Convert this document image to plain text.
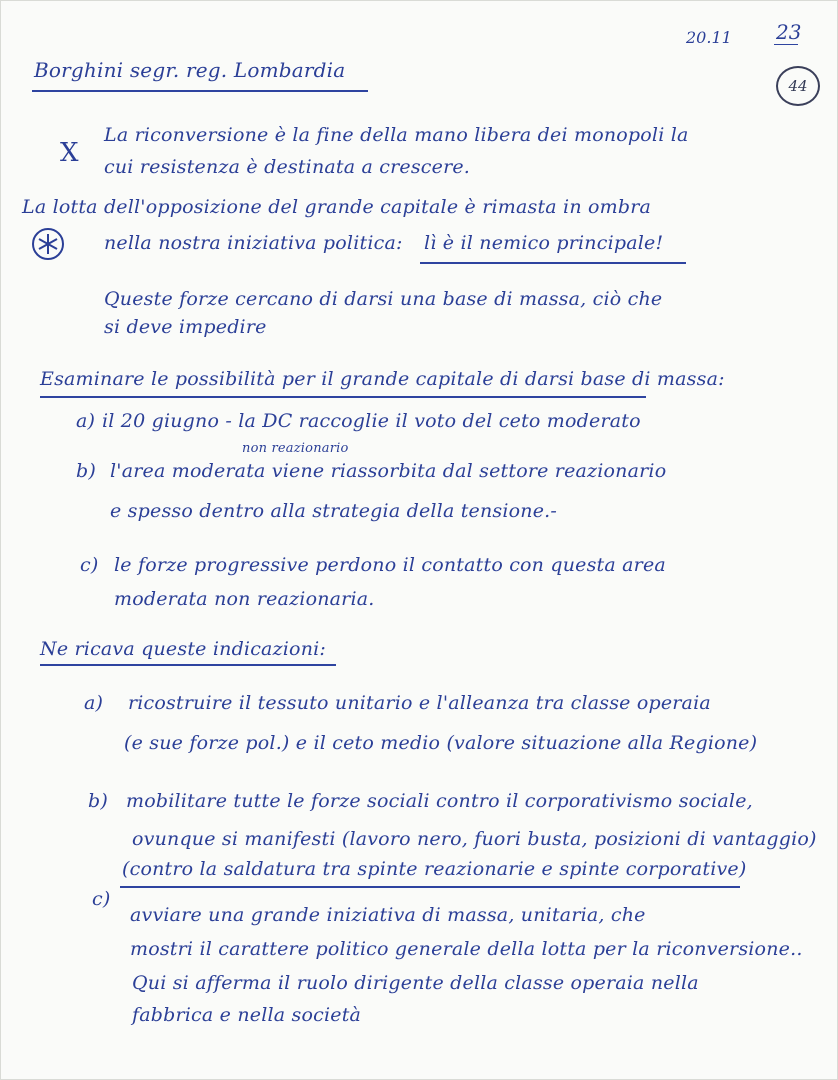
20.11 23
44
Borghini segr. reg. Lombardia
X
La riconversione è la fine della mano libera dei monopoli la
cui resistenza è destinata a crescere.
La lotta dell'opposizione del grande capitale è rimasta in ombra
nella nostra iniziativa politica: lì è il nemico principale!
Queste forze cercano di darsi una base di massa, ciò che
si deve impedire
Esaminare le possibilità per il grande capitale di darsi base di massa:
a) il 20 giugno - la DC raccoglie il voto del ceto moderato
non reazionario
b) l'area moderata viene riassorbita dal settore reazionario
e spesso dentro alla strategia della tensione.-
c) le forze progressive perdono il contatto con questa area
moderata non reazionaria.
Ne ricava queste indicazioni:
a) ricostruire il tessuto unitario e l'alleanza tra classe operaia
(e sue forze pol.) e il ceto medio (valore situazione alla Regione)
b) mobilitare tutte le forze sociali contro il corporativismo sociale,
ovunque si manifesti (lavoro nero, fuori busta, posizioni di vantaggio)
(contro la saldatura tra spinte reazionarie e spinte corporative)
c)
avviare una grande iniziativa di massa, unitaria, che
mostri il carattere politico generale della lotta per la riconversione..
Qui si afferma il ruolo dirigente della classe operaia nella
fabbrica e nella società
